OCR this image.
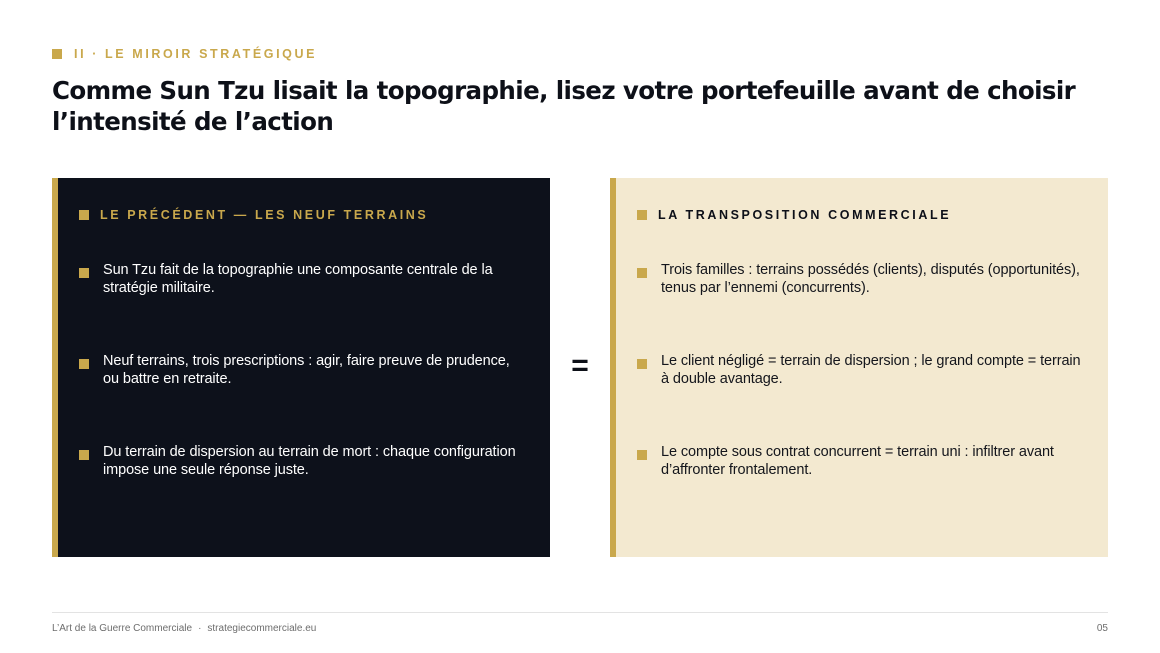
II · LE MIROIR STRATÉGIQUE
Comme Sun Tzu lisait la topographie, lisez votre portefeuille avant de choisir l’intensité de l’action
LE PRÉCÉDENT — LES NEUF TERRAINS
Sun Tzu fait de la topographie une composante centrale de la stratégie militaire.
Neuf terrains, trois prescriptions : agir, faire preuve de prudence, ou battre en retraite.
Du terrain de dispersion au terrain de mort : chaque configuration impose une seule réponse juste.
=
LA TRANSPOSITION COMMERCIALE
Trois familles : terrains possédés (clients), disputés (opportunités), tenus par l’ennemi (concurrents).
Le client négligé = terrain de dispersion ; le grand compte = terrain à double avantage.
Le compte sous contrat concurrent = terrain uni : infiltrer avant d’affronter frontalement.
L’Art de la Guerre Commerciale · strategiecommerciale.eu	05
